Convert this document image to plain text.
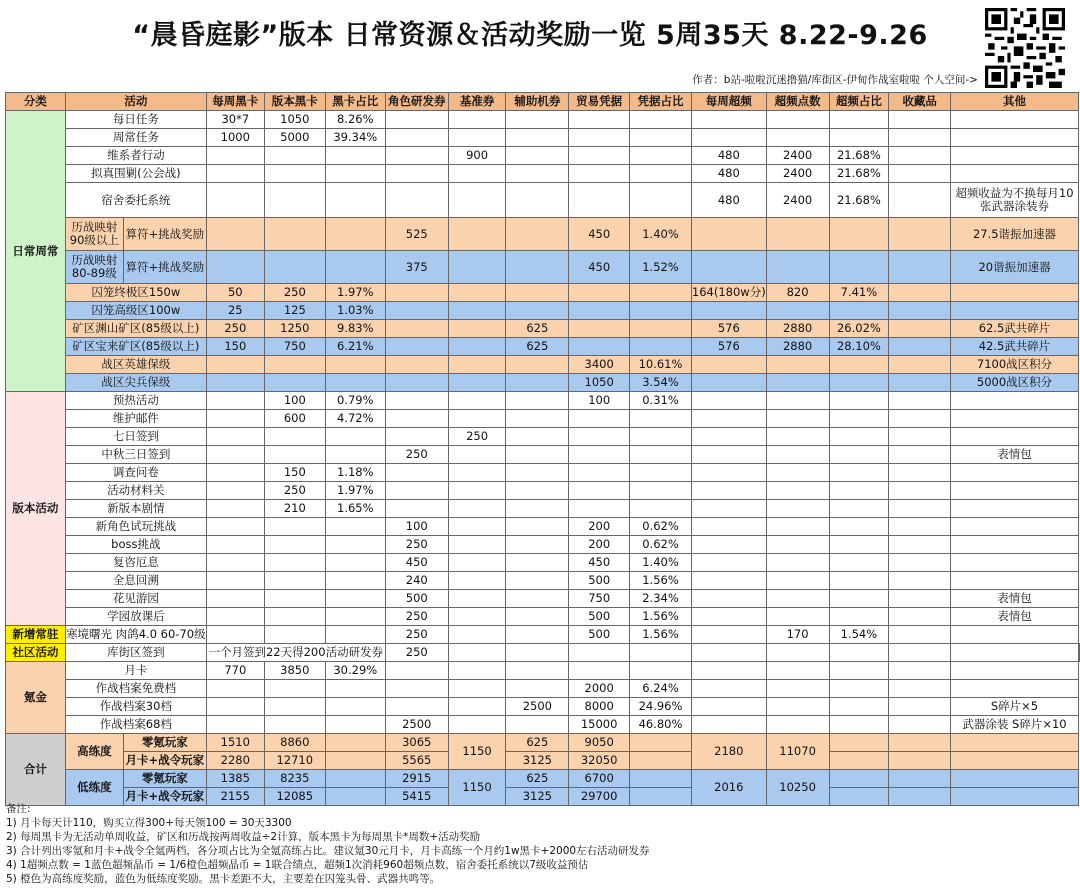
“晨昏庭影”版本 日常资源＆活动奖励一览 5周35天 8.22-9.26
作者：b站-啦啦沉迷撸猫/库街区-伊甸作战室啦啦 个人空间->
分类	活动		每周黑卡	版本黑卡	黑卡占比	角色研发券	基准券	辅助机券	贸易凭据	凭据占比	每周超频	超频点数	超频占比	收藏品	其他	
日常周常	每日任务		30*7	1050	8.26%											
	周常任务		1000	5000	39.34%											
	维系者行动						900				480	2400	21.68%			
	拟真围剿(公会战)										480	2400	21.68%			
	宿舍委托系统										480	2400	21.68%		超频收益为不换每月10张武器涂装券	
	历战映射90级以上	算符+挑战奖励				525			450	1.40%					27.5谐振加速器	
	历战映射80-89级	算符+挑战奖励				375			450	1.52%					20谐振加速器	
	囚笼终极区150w		50	250	1.97%						164(180w分)	820	7.41%			
	囚笼高级区100w		25	125	1.03%											
	矿区渊山矿区(85级以上)		250	1250	9.83%			625			576	2880	26.02%		62.5武共碎片	
	矿区宝来矿区(85级以上)		150	750	6.21%			625			576	2880	28.10%		42.5武共碎片	
	战区英雄保级								3400	10.61%					7100战区积分	
	战区尖兵保级								1050	3.54%					5000战区积分	
版本活动	预热活动			100	0.79%				100	0.31%						
	维护邮件			600	4.72%											
	七日签到						250									
	中秋三日签到					250									表情包	
	调查问卷			150	1.18%											
	活动材料关			250	1.97%											
	新版本剧情			210	1.65%											
	新角色试玩挑战					100			200	0.62%						
	boss挑战					250			200	0.62%						
	复咨厄息					450			450	1.40%						
	全息回溯					240			500	1.56%						
	花见游园					500			750	2.34%					表情包	
	学园放课后					250			500	1.56%					表情包	
新增常驻	寒境曙光 肉鸽4.0 60-70级					250			500	1.56%		170	1.54%			
社区活动	库街区签到		一个月签到22天得200活动研发券			250										
氪金	月卡		770	3850	30.29%											
	作战档案免费档								2000	6.24%						
	作战档案30档							2500	8000	24.96%					S碎片×5	
	作战档案68档					2500			15000	46.80%					武器涂装 S碎片×10	
合计	高练度	零氪玩家	1510	8860		3065	1150	625	9050		2180	11070				
		月卡+战令玩家	2280	12710		5565		3125	32050							
	低练度	零氪玩家	1385	8235		2915	1150	625	6700		2016	10250				
		月卡+战令玩家	2155	12085		5415		3125	29700							
备注:
1) 月卡每天计110，购买立得300+每天领100 = 30天3300
2) 每周黑卡为无活动单周收益，矿区和历战按两周收益÷2计算，版本黑卡为每周黑卡*周数+活动奖励
3) 合计列出零氪和月卡+战令全氪两档，各分项占比为全氪高练占比。建议氪30元月卡，月卡高练一个月约1w黑卡+2000左右活动研发券
4) 1超频点数 = 1蓝色超频晶币 = 1/6橙色超频晶币 = 1联合绩点，超频1次消耗960超频点数，宿舍委托系统以7级收益预估
5) 橙色为高练度奖励，蓝色为低练度奖励。黑卡差距不大，主要差在囚笼头骨、武器共鸣等。
